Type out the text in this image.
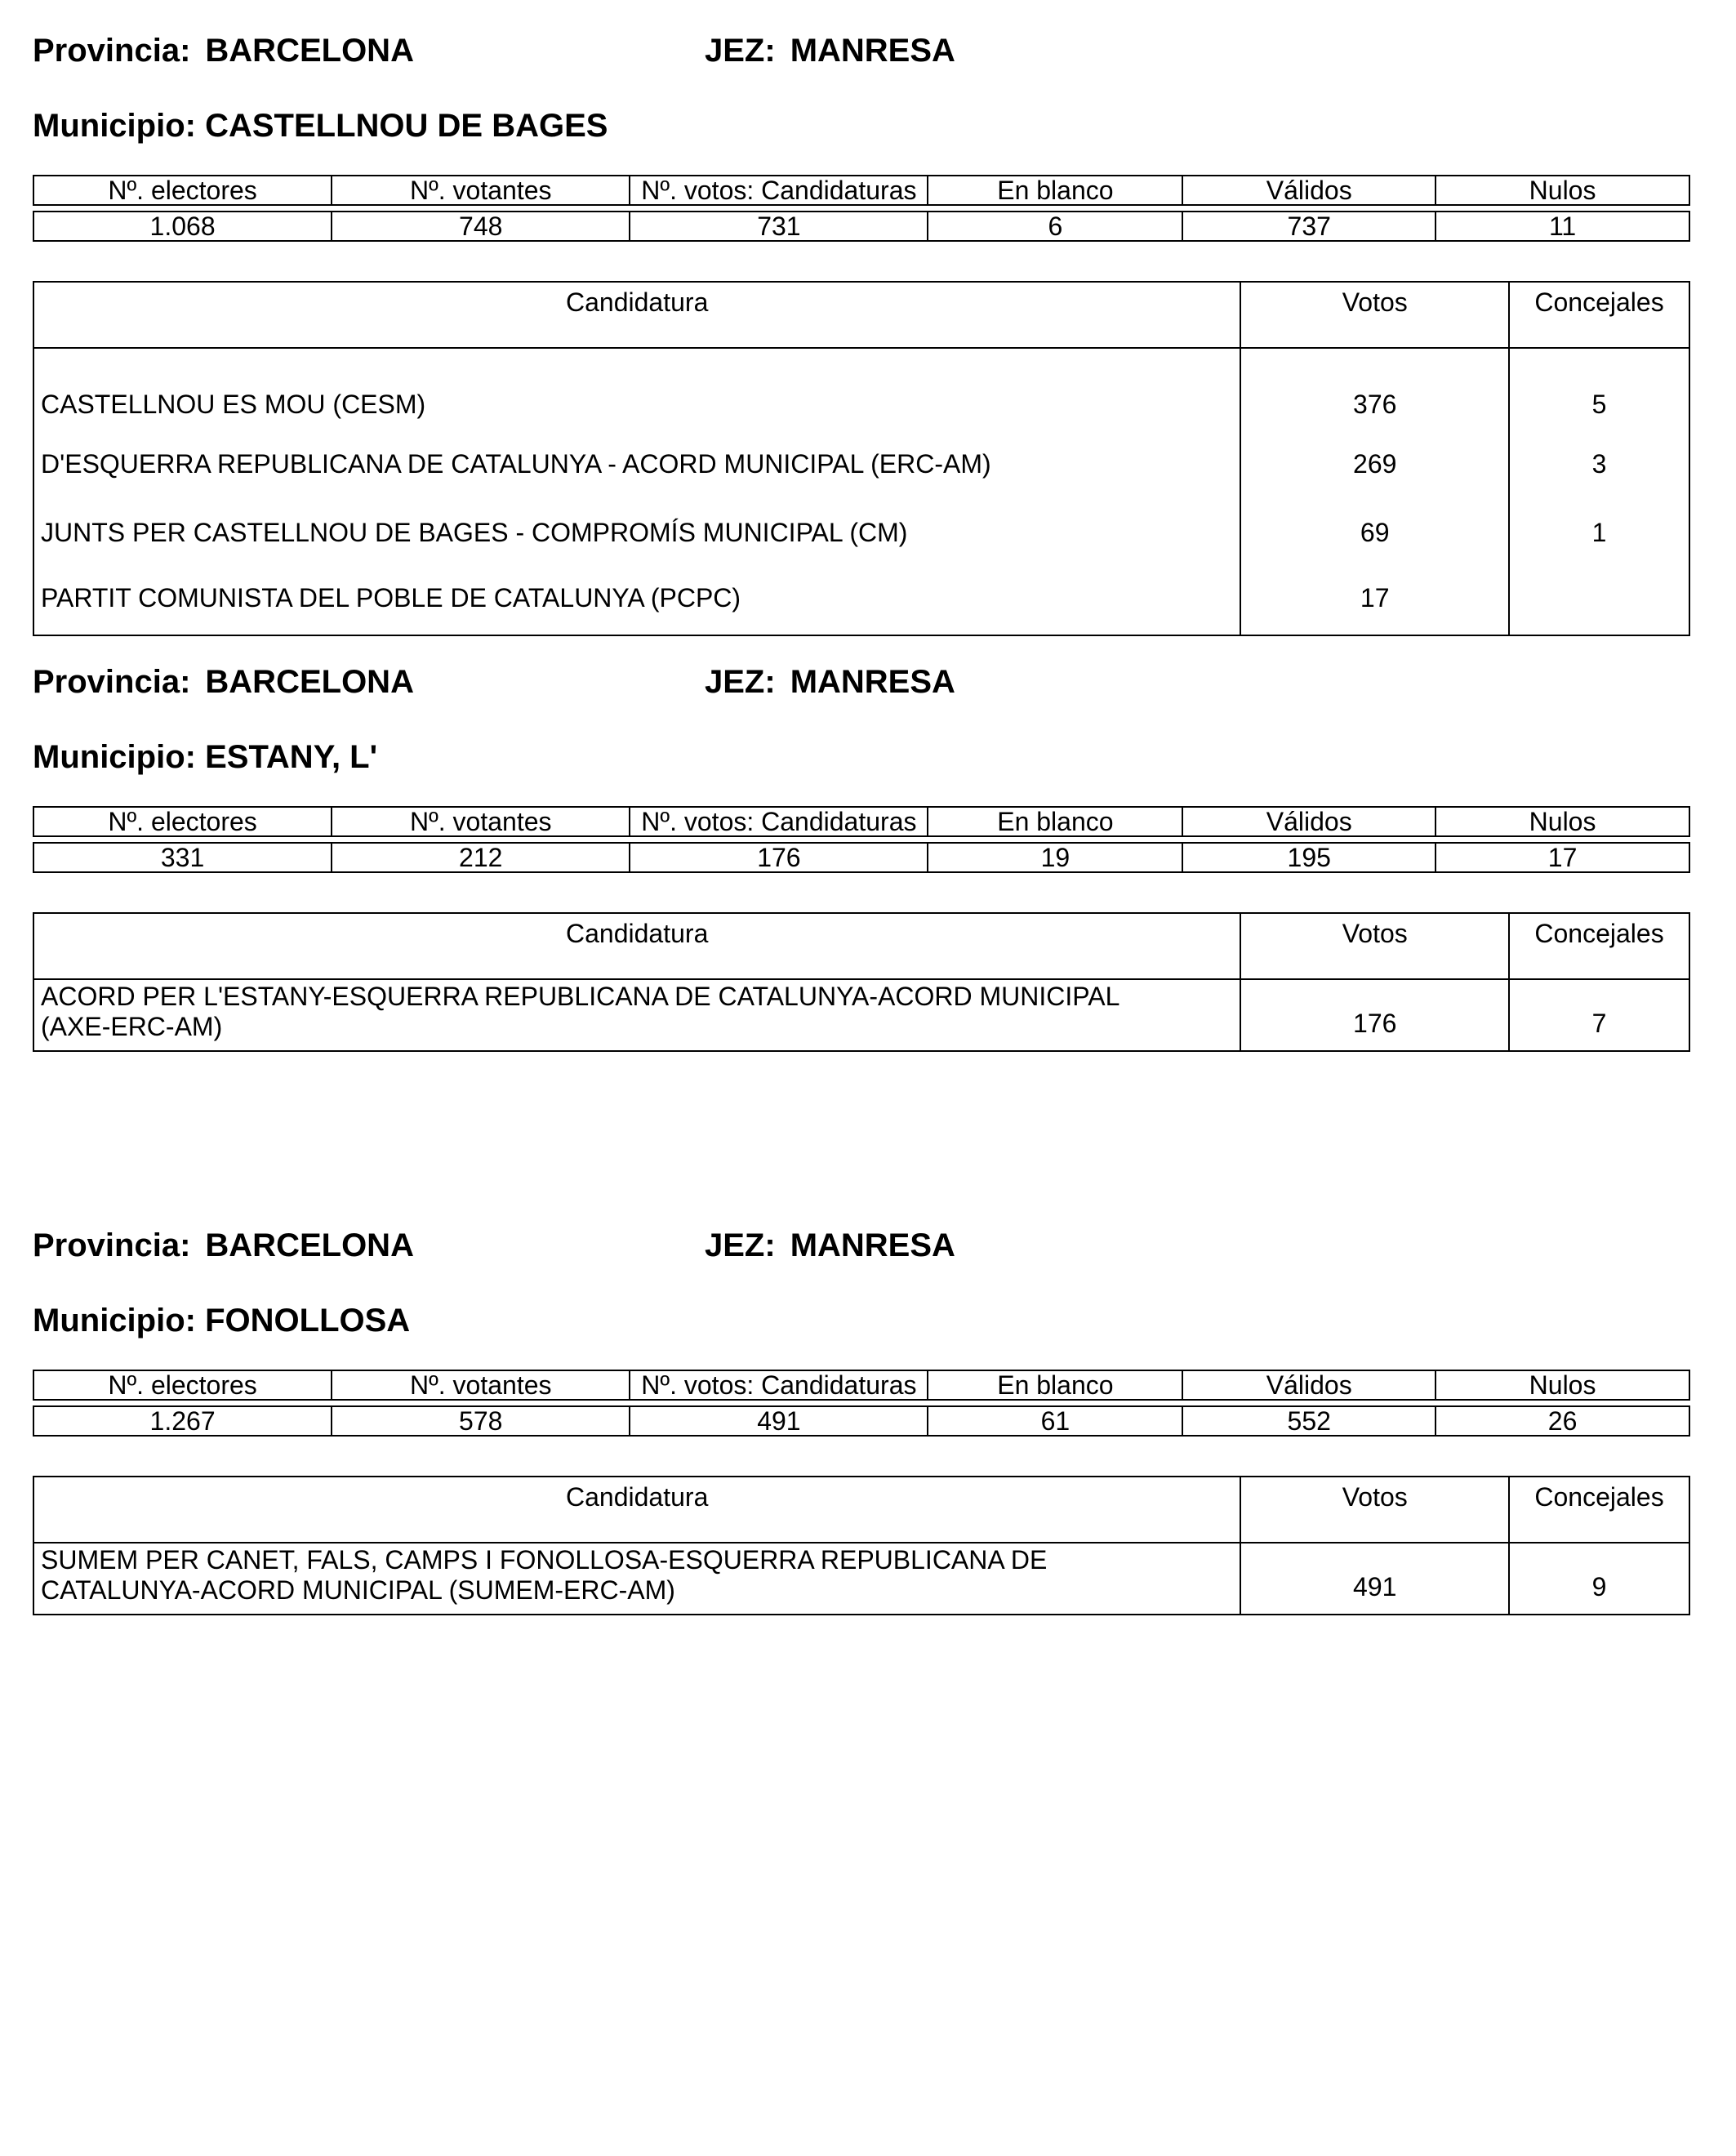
Provincia: BARCELONA	JEZ: MANRESA
Municipio: CASTELLNOU DE BAGES
Nº. electores	Nº. votantes	Nº. votos: Candidaturas	En blanco	Válidos	Nulos

1.068	748	731	6	737	11
Candidatura	Votos	Concejales
CASTELLNOU ES MOU (CESM)	376	5
D'ESQUERRA REPUBLICANA DE CATALUNYA - ACORD MUNICIPAL (ERC-AM)	269	3
JUNTS PER CASTELLNOU DE BAGES - COMPROMÍS MUNICIPAL (CM)	69	1
PARTIT COMUNISTA DEL POBLE DE CATALUNYA (PCPC)	17	
Provincia: BARCELONA	JEZ: MANRESA
Municipio: ESTANY, L'
Nº. electores	Nº. votantes	Nº. votos: Candidaturas	En blanco	Válidos	Nulos

331	212	176	19	195	17
Candidatura	Votos	Concejales
ACORD PER L'ESTANY-ESQUERRA REPUBLICANA DE CATALUNYA-ACORD MUNICIPAL
(AXE-ERC-AM)	176	7
Provincia: BARCELONA	JEZ: MANRESA
Municipio: FONOLLOSA
Nº. electores	Nº. votantes	Nº. votos: Candidaturas	En blanco	Válidos	Nulos

1.267	578	491	61	552	26
Candidatura	Votos	Concejales
SUMEM PER CANET, FALS, CAMPS I FONOLLOSA-ESQUERRA REPUBLICANA DE
CATALUNYA-ACORD MUNICIPAL (SUMEM-ERC-AM)	491	9
